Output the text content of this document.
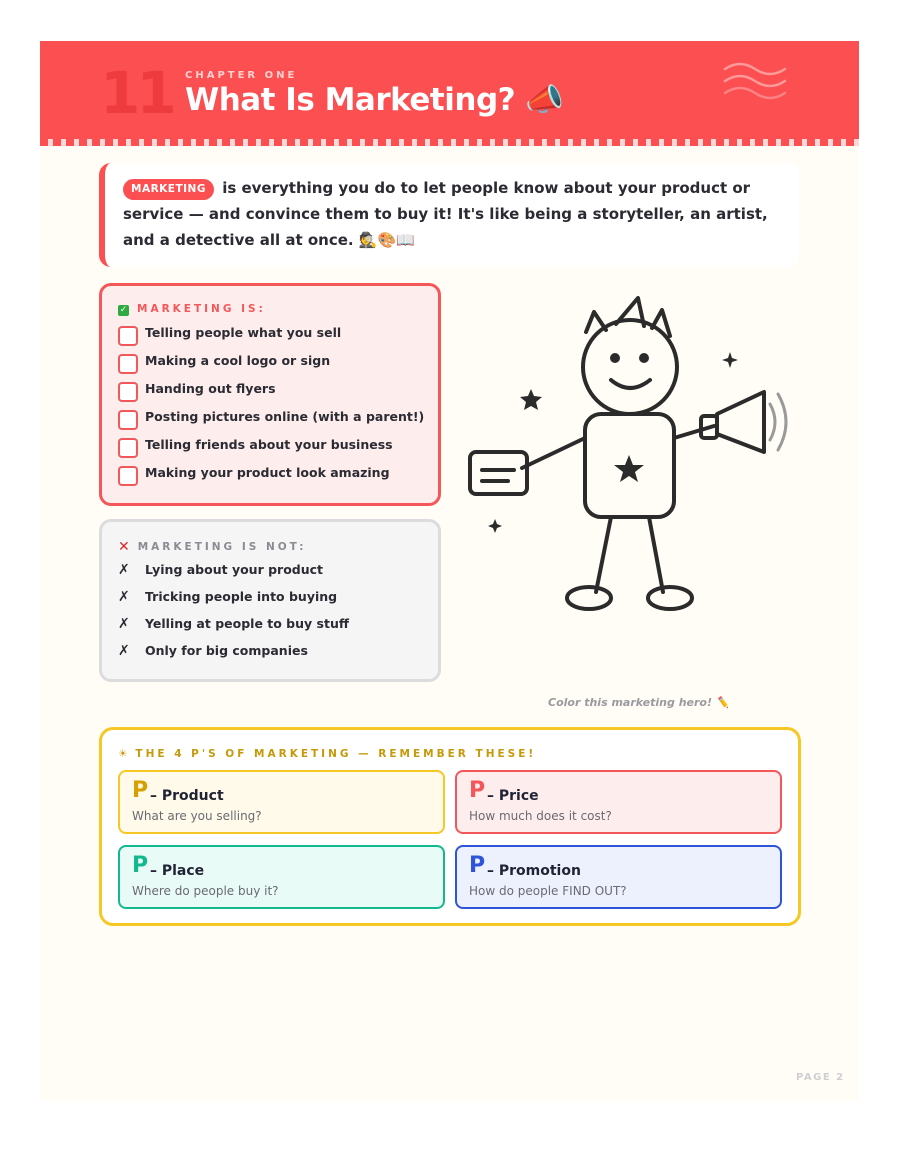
11 CHAPTER ONE
What Is Marketing? 📣
MARKETING is everything you do to let people know about your product or service — and convince them to buy it! It's like being a storyteller, an artist, and a detective all at once. 🕵️🎨📖
✓ MARKETING IS:
Telling people what you sell
Making a cool logo or sign
Handing out flyers
Posting pictures online (with a parent!)
Telling friends about your business
Making your product look amazing
✕ MARKETING IS NOT:
✗ Lying about your product
✗ Tricking people into buying
✗ Yelling at people to buy stuff
✗ Only for big companies
Color this marketing hero! ✏️
☀ THE 4 P'S OF MARKETING — REMEMBER THESE!
P – Product
What are you selling?
P – Price
How much does it cost?
P – Place
Where do people buy it?
P – Promotion
How do people FIND OUT?
PAGE 2
